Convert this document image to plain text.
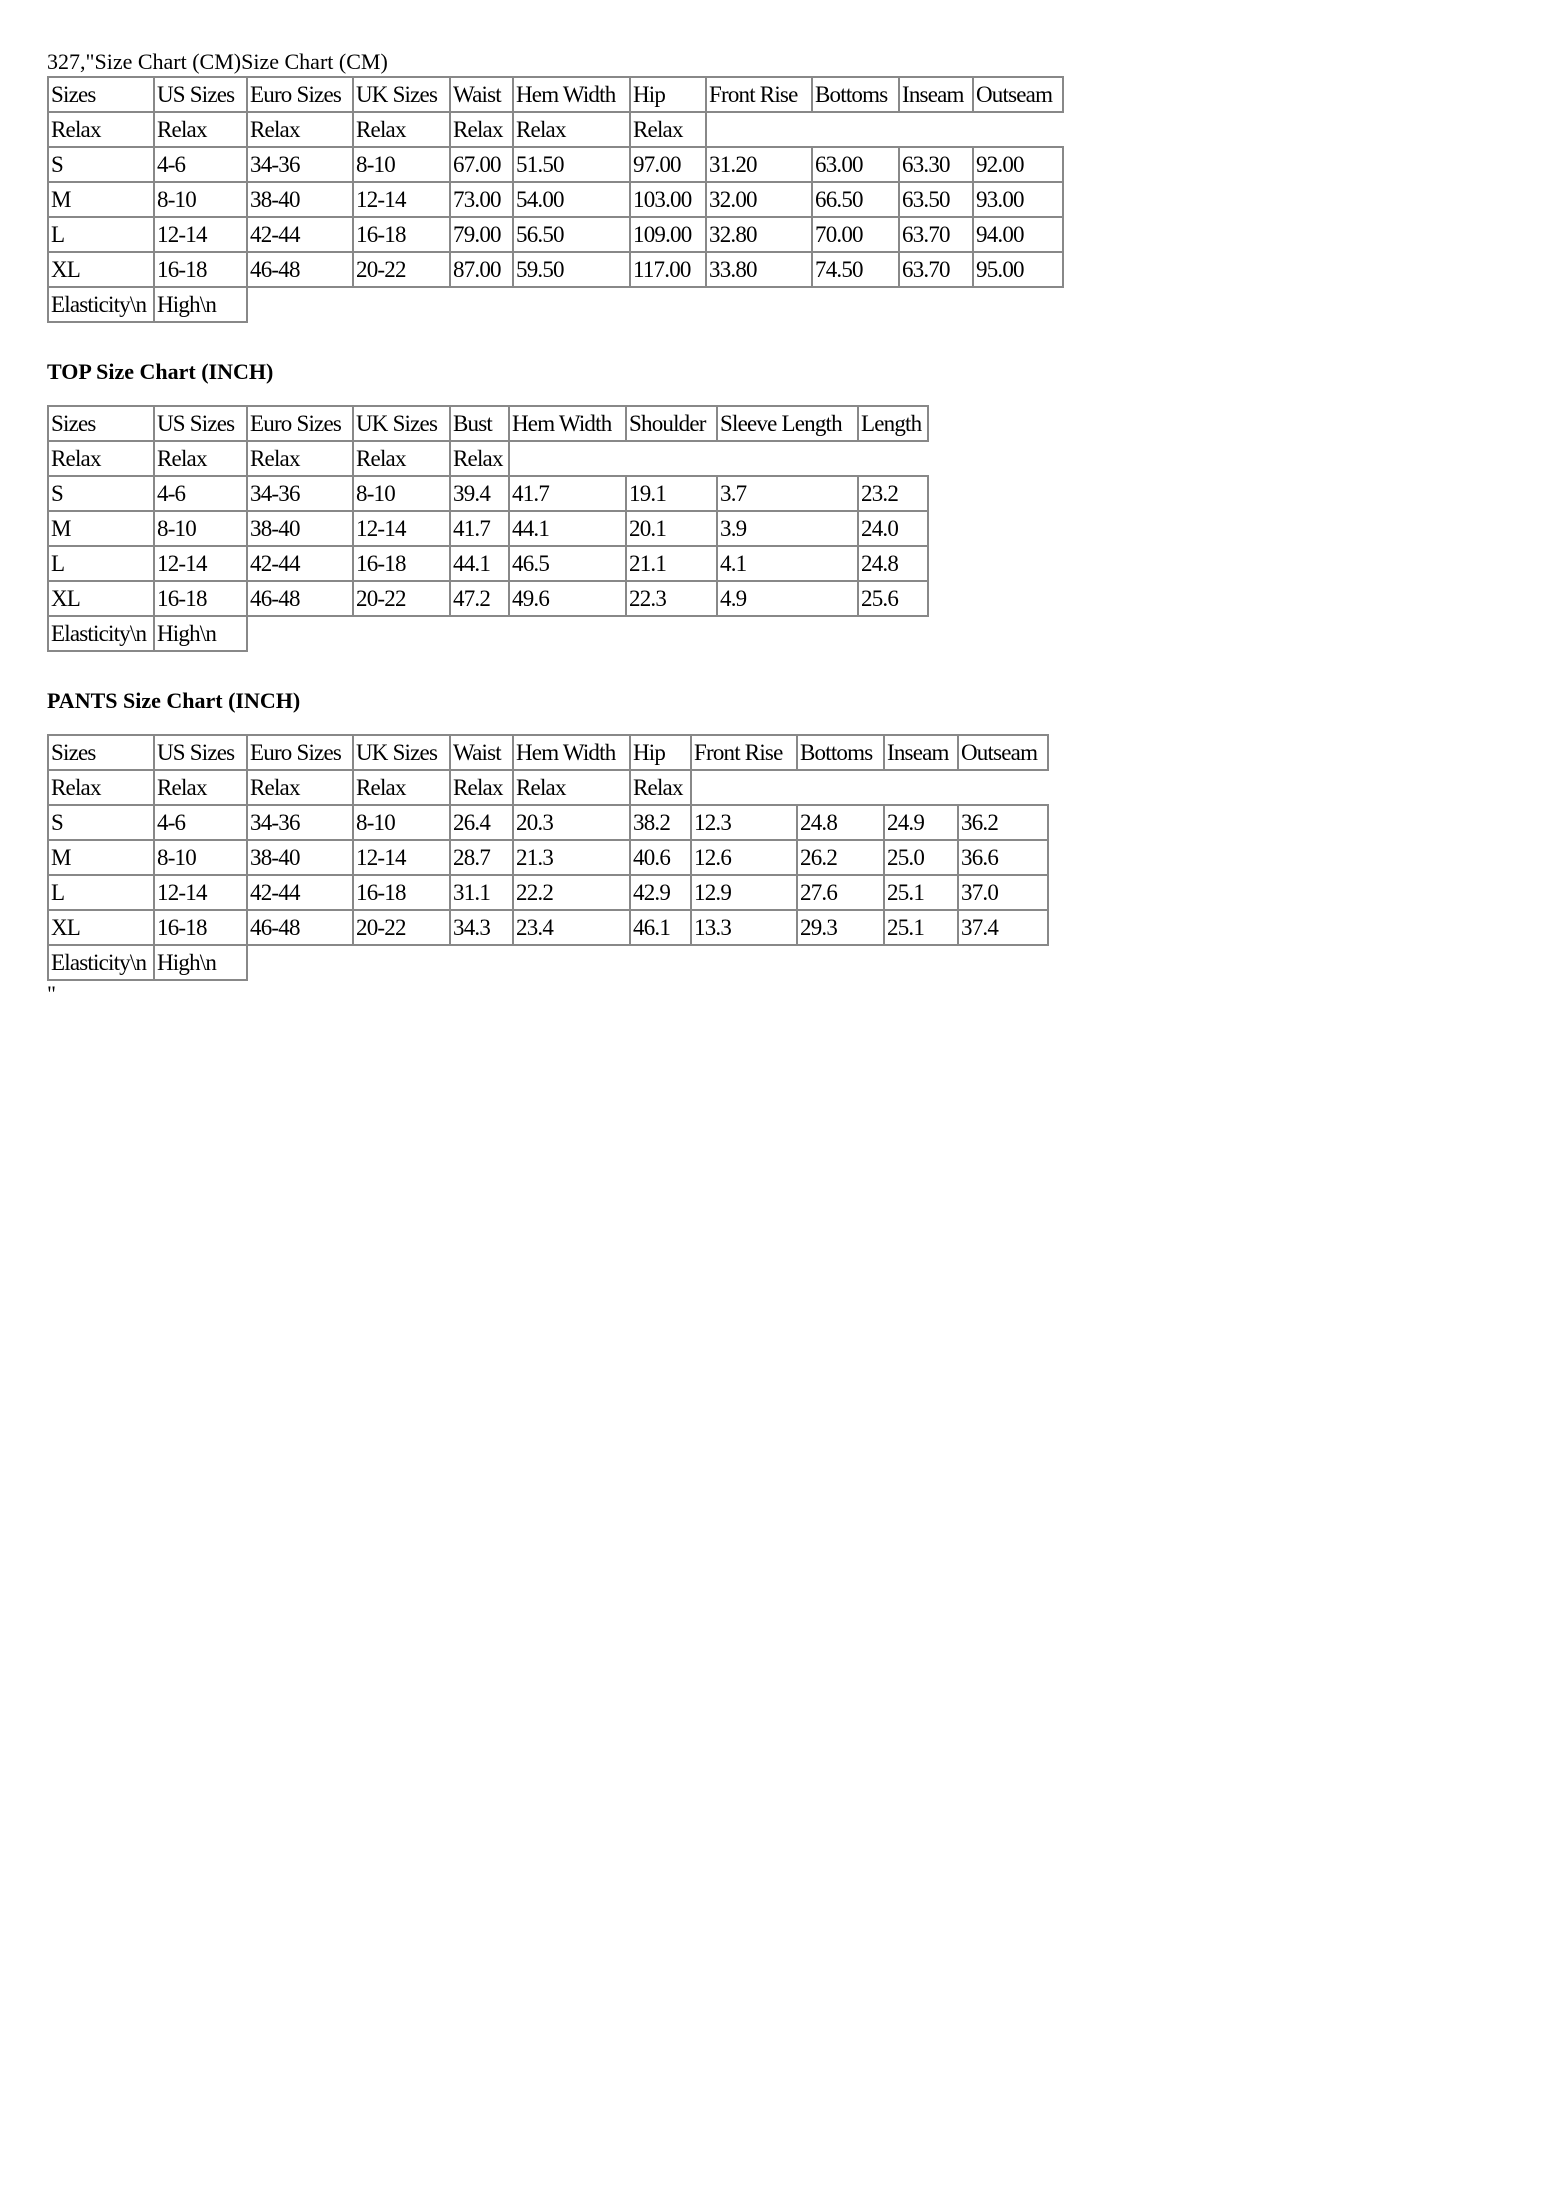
327,"Size Chart (CM)Size Chart (CM)
Sizes	US Sizes	Euro Sizes	UK Sizes	Waist	Hem Width	Hip	Front Rise	Bottoms	Inseam	Outseam
Relax	Relax	Relax	Relax	Relax	Relax	Relax				
S	4-6	34-36	8-10	67.00	51.50	97.00	31.20	63.00	63.30	92.00
M	8-10	38-40	12-14	73.00	54.00	103.00	32.00	66.50	63.50	93.00
L	12-14	42-44	16-18	79.00	56.50	109.00	32.80	70.00	63.70	94.00
XL	16-18	46-48	20-22	87.00	59.50	117.00	33.80	74.50	63.70	95.00
Elasticity\n	High\n									
TOP Size Chart (INCH)
Sizes	US Sizes	Euro Sizes	UK Sizes	Bust	Hem Width	Shoulder	Sleeve Length	Length
Relax	Relax	Relax	Relax	Relax				
S	4-6	34-36	8-10	39.4	41.7	19.1	3.7	23.2
M	8-10	38-40	12-14	41.7	44.1	20.1	3.9	24.0
L	12-14	42-44	16-18	44.1	46.5	21.1	4.1	24.8
XL	16-18	46-48	20-22	47.2	49.6	22.3	4.9	25.6
Elasticity\n	High\n							
PANTS Size Chart (INCH)
Sizes	US Sizes	Euro Sizes	UK Sizes	Waist	Hem Width	Hip	Front Rise	Bottoms	Inseam	Outseam
Relax	Relax	Relax	Relax	Relax	Relax	Relax				
S	4-6	34-36	8-10	26.4	20.3	38.2	12.3	24.8	24.9	36.2
M	8-10	38-40	12-14	28.7	21.3	40.6	12.6	26.2	25.0	36.6
L	12-14	42-44	16-18	31.1	22.2	42.9	12.9	27.6	25.1	37.0
XL	16-18	46-48	20-22	34.3	23.4	46.1	13.3	29.3	25.1	37.4
Elasticity\n	High\n									
"
